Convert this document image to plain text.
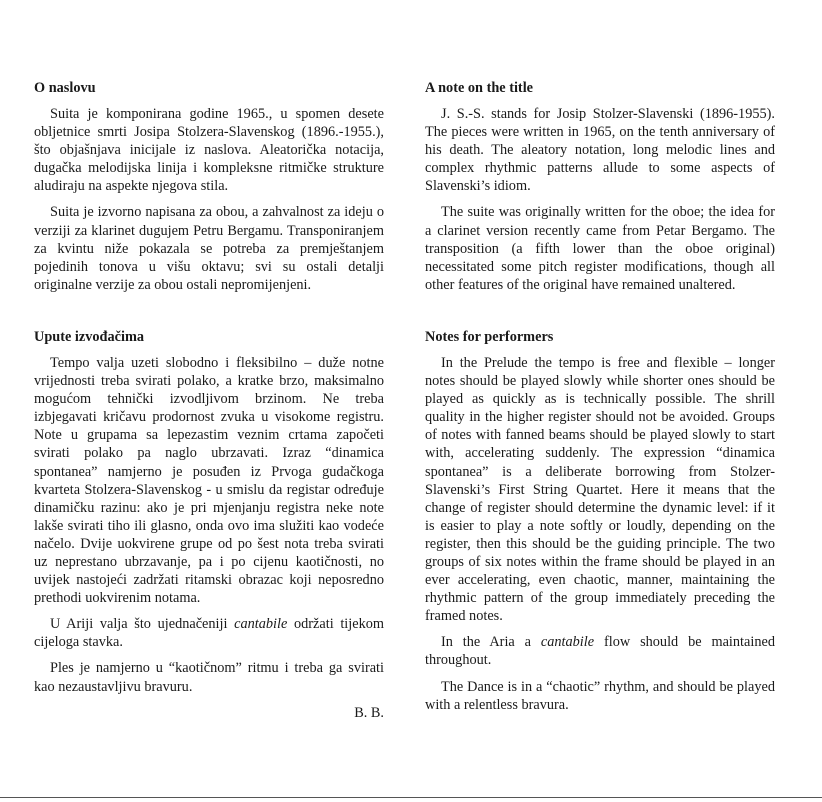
O naslovu

Suita je komponirana godine 1965., u spomen desete obljetnice smrti Josipa Stolzera-Slavenskog (1896.-1955.), što objašnjava inicijale iz naslova. Aleatorička notacija, dugačka melodijska linija i kompleksne ritmičke strukture aludiraju na aspekte njegova stila.

Suita je izvorno napisana za obou, a zahvalnost za ideju o verziji za klarinet dugujem Petru Bergamu. Transponiranjem za kvintu niže pokazala se potreba za premještanjem pojedinih tonova u višu oktavu; svi su ostali detalji originalne verzije za obou ostali nepromijenjeni.

Upute izvođačima

Tempo valja uzeti slobodno i fleksibilno – duže notne vrijednosti treba svirati polako, a kratke brzo, maksimalno mogućom tehnički izvodljivom brzinom. Ne treba izbjegavati kričavu prodornost zvuka u visokome registru. Note u grupama sa lepezastim veznim crtama započeti svirati polako pa naglo ubrzavati. Izraz “dinamica spontanea” namjerno je posuđen iz Prvoga gudačkoga kvarteta Stolzera-Slavenskog - u smislu da registar određuje dinamičku razinu: ako je pri mjenjanju registra neke note lakše svirati tiho ili glasno, onda ovo ima služiti kao vodeće načelo. Dvije uokvirene grupe od po šest nota treba svirati uz neprestano ubrzavanje, pa i po cijenu kaotičnosti, no uvijek nastojeći zadržati ritamski obrazac koji neposredno prethodi uokvirenim notama.

U Ariji valja što ujednačeniji cantabile održati tijekom cijeloga stavka.

Ples je namjerno u “kaotičnom” ritmu i treba ga svirati kao nezaustavljivu bravuru.

B. B.

A note on the title

J. S.-S. stands for Josip Stolzer-Slavenski (1896-1955). The pieces were written in 1965, on the tenth anniversary of his death. The aleatory notation, long melodic lines and complex rhythmic patterns allude to some aspects of Slavenski’s idiom.

The suite was originally written for the oboe; the idea for a clarinet version recently came from Petar Bergamo. The transposition (a fifth lower than the oboe original) necessitated some pitch register modifications, though all other features of the original have remained unaltered.

Notes for performers

In the Prelude the tempo is free and flexible – longer notes should be played slowly while shorter ones should be played as quickly as is technically possible. The shrill quality in the higher register should not be avoided. Groups of notes with fanned beams should be played slowly to start with, accelerating suddenly. The expression “dinamica spontanea” is a deliberate borrowing from Stolzer-Slavenski’s First String Quartet. Here it means that the change of register should determine the dynamic level: if it is easier to play a note softly or loudly, depending on the register, then this should be the guiding principle. The two groups of six notes within the frame should be played in an ever accelerating, even chaotic, manner, maintaining the rhythmic pattern of the group immediately preceding the framed notes.

In the Aria a cantabile flow should be maintained throughout.

The Dance is in a “chaotic” rhythm, and should be played with a relentless bravura.
